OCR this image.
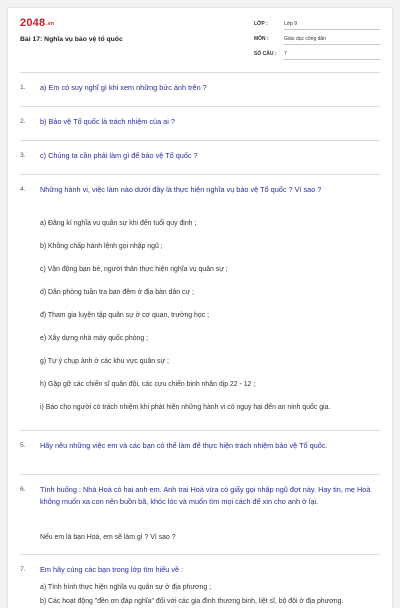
2048.vn
Bài 17: Nghĩa vụ bảo vệ tổ quốc
LỚP :	Lớp 9
MÔN :	Giáo dục công dân
SỐ CÂU : 7
1. a) Em có suy nghĩ gì khi xem những bức ảnh trên ?
2. b) Bảo vệ Tổ quốc là trách nhiệm của ai ?
3. c) Chúng ta cần phải làm gì để bảo vệ Tổ quốc ?
4. Những hành vi, việc làm nào dưới đây là thực hiện nghĩa vụ bảo vệ Tổ quốc ? Vì sao ?
a) Đăng kí nghĩa vụ quân sự khi đến tuổi quy định ;
b) Không chấp hành lệnh gọi nhập ngũ ;
c) Vận động bạn bè, người thân thực hiện nghĩa vụ quân sự ;
d) Dân phòng tuần tra ban đêm ở địa bàn dân cư ;
đ) Tham gia luyện tập quân sự ở cơ quan, trường học ;
e) Xây dựng nhà máy quốc phòng ;
g) Tự ý chụp ảnh ở các khu vực quân sự ;
h) Gặp gỡ các chiến sĩ quân đội, các cựu chiến binh nhân dịp 22 - 12 ;
i) Báo cho người có trách nhiệm khi phát hiện những hành vi có nguy hại đến an ninh quốc gia.
5. Hãy nêu những việc em và các bạn có thể làm để thực hiện trách nhiệm bảo vệ Tổ quốc.
6. Tình huống : Nhà Hoà có hai anh em. Anh trai Hoà vừa có giấy gọi nhập ngũ đợt này. Hay tin, mẹ Hoà không muốn xa con nên buồn bã, khóc lóc và muốn tìm mọi cách để xin cho anh ở lại.
Nếu em là bạn Hoà, em sẽ làm gì ? Vì sao ?
7. Em hãy cùng các bạn trong lớp tìm hiểu về :
a) Tình hình thực hiện nghĩa vụ quân sự ở địa phương ;
b) Các hoạt động "đền ơn đáp nghĩa" đối với các gia đình thương binh, liệt sĩ, bộ đội ở địa phương.
